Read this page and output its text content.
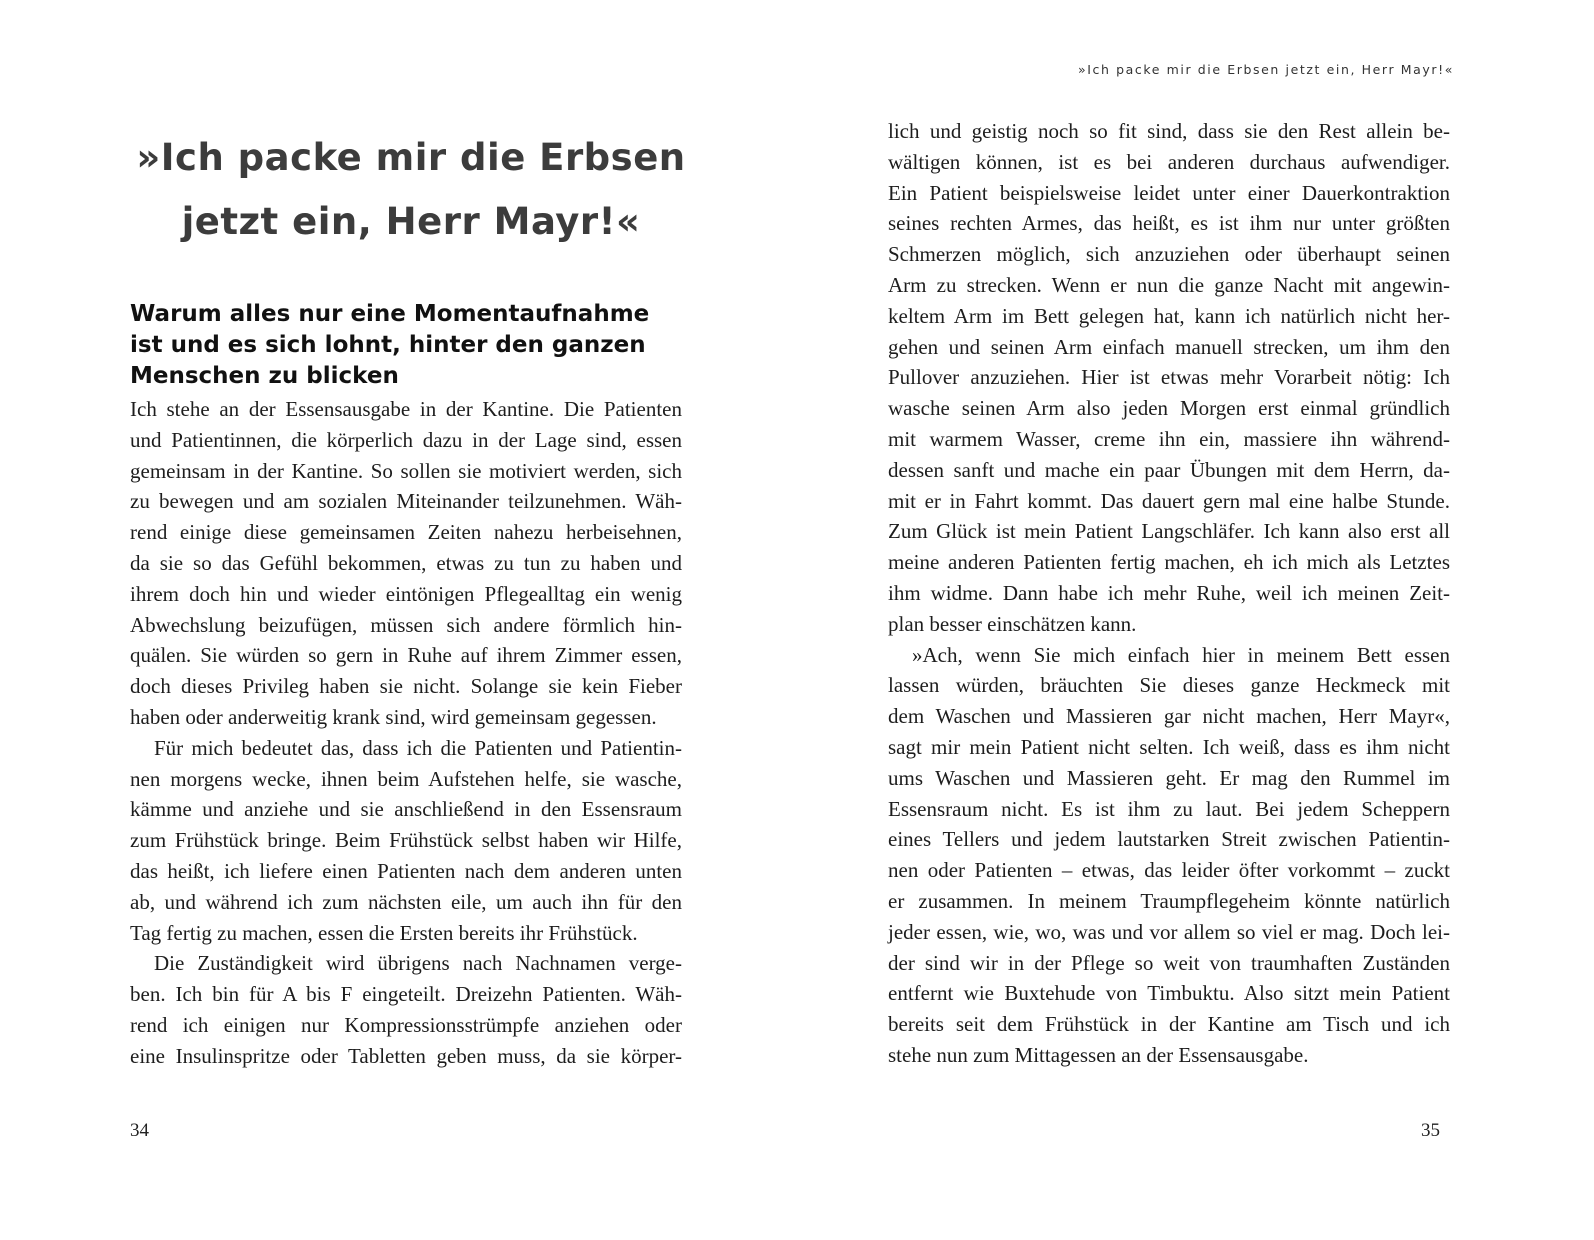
»Ich packe mir die Erbsen
jetzt ein, Herr Mayr!«
Warum alles nur eine Momentaufnahme
ist und es sich lohnt, hinter den ganzen
Menschen zu blicken
Ich stehe an der Essensausgabe in der Kantine. Die Patienten
und Patientinnen, die körperlich dazu in der Lage sind, essen
gemeinsam in der Kantine. So sollen sie motiviert werden, sich
zu bewegen und am sozialen Miteinander teilzunehmen. Wäh-
rend einige diese gemeinsamen Zeiten nahezu herbeisehnen,
da sie so das Gefühl bekommen, etwas zu tun zu haben und
ihrem doch hin und wieder eintönigen Pflegealltag ein wenig
Abwechslung beizufügen, müssen sich andere förmlich hin-
quälen. Sie würden so gern in Ruhe auf ihrem Zimmer essen,
doch dieses Privileg haben sie nicht. Solange sie kein Fieber
haben oder anderweitig krank sind, wird gemeinsam gegessen.
Für mich bedeutet das, dass ich die Patienten und Patientin-
nen morgens wecke, ihnen beim Aufstehen helfe, sie wasche,
kämme und anziehe und sie anschließend in den Essensraum
zum Frühstück bringe. Beim Frühstück selbst haben wir Hilfe,
das heißt, ich liefere einen Patienten nach dem anderen unten
ab, und während ich zum nächsten eile, um auch ihn für den
Tag fertig zu machen, essen die Ersten bereits ihr Frühstück.
Die Zuständigkeit wird übrigens nach Nachnamen verge-
ben. Ich bin für A bis F eingeteilt. Dreizehn Patienten. Wäh-
rend ich einigen nur Kompressionsstrümpfe anziehen oder
eine Insulinspritze oder Tabletten geben muss, da sie körper-
34
»Ich packe mir die Erbsen jetzt ein, Herr Mayr!«
lich und geistig noch so fit sind, dass sie den Rest allein be-
wältigen können, ist es bei anderen durchaus aufwendiger.
Ein Patient beispielsweise leidet unter einer Dauerkontraktion
seines rechten Armes, das heißt, es ist ihm nur unter größten
Schmerzen möglich, sich anzuziehen oder überhaupt seinen
Arm zu strecken. Wenn er nun die ganze Nacht mit angewin-
keltem Arm im Bett gelegen hat, kann ich natürlich nicht her-
gehen und seinen Arm einfach manuell strecken, um ihm den
Pullover anzuziehen. Hier ist etwas mehr Vorarbeit nötig: Ich
wasche seinen Arm also jeden Morgen erst einmal gründlich
mit warmem Wasser, creme ihn ein, massiere ihn während-
dessen sanft und mache ein paar Übungen mit dem Herrn, da-
mit er in Fahrt kommt. Das dauert gern mal eine halbe Stunde.
Zum Glück ist mein Patient Langschläfer. Ich kann also erst all
meine anderen Patienten fertig machen, eh ich mich als Letztes
ihm widme. Dann habe ich mehr Ruhe, weil ich meinen Zeit-
plan besser einschätzen kann.
»Ach, wenn Sie mich einfach hier in meinem Bett essen
lassen würden, bräuchten Sie dieses ganze Heckmeck mit
dem Waschen und Massieren gar nicht machen, Herr Mayr«,
sagt mir mein Patient nicht selten. Ich weiß, dass es ihm nicht
ums Waschen und Massieren geht. Er mag den Rummel im
Essensraum nicht. Es ist ihm zu laut. Bei jedem Scheppern
eines Tellers und jedem lautstarken Streit zwischen Patientin-
nen oder Patienten – etwas, das leider öfter vorkommt – zuckt
er zusammen. In meinem Traumpflegeheim könnte natürlich
jeder essen, wie, wo, was und vor allem so viel er mag. Doch lei-
der sind wir in der Pflege so weit von traumhaften Zuständen
entfernt wie Buxtehude von Timbuktu. Also sitzt mein Patient
bereits seit dem Frühstück in der Kantine am Tisch und ich
stehe nun zum Mittagessen an der Essensausgabe.
35
